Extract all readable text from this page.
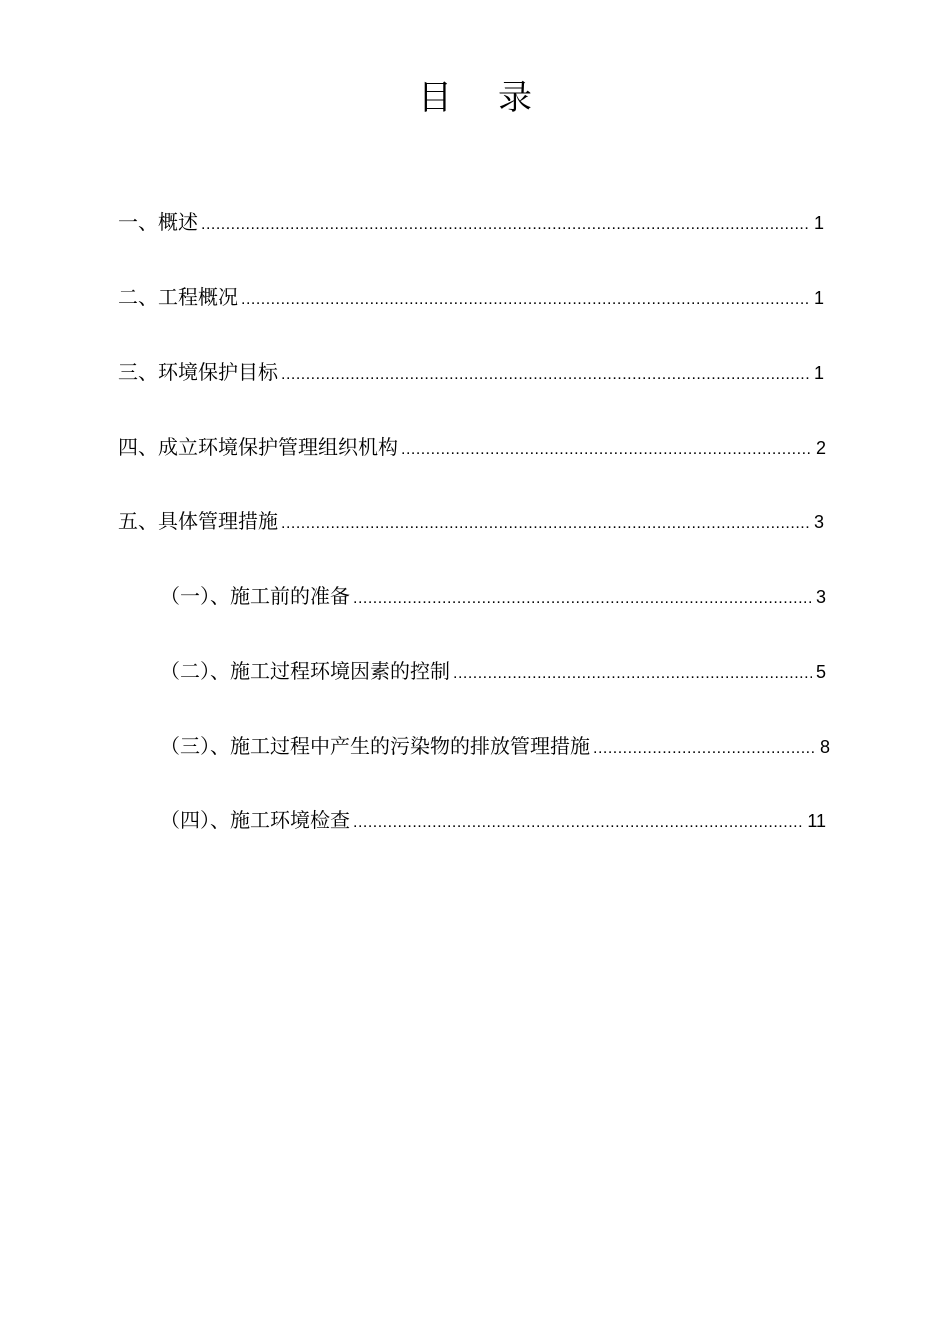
目录
一、概述 .....	1
二、工程概况 .....	1
三、环境保护目标 .....	1
四、成立环境保护管理组织机构 .....	2
五、具体管理措施 .....	3
（一）、施工前的准备 .....	3
（二）、施工过程环境因素的控制 .....	5
（三）、施工过程中产生的污染物的排放管理措施 .....	8
（四）、施工环境检查 .....	11
